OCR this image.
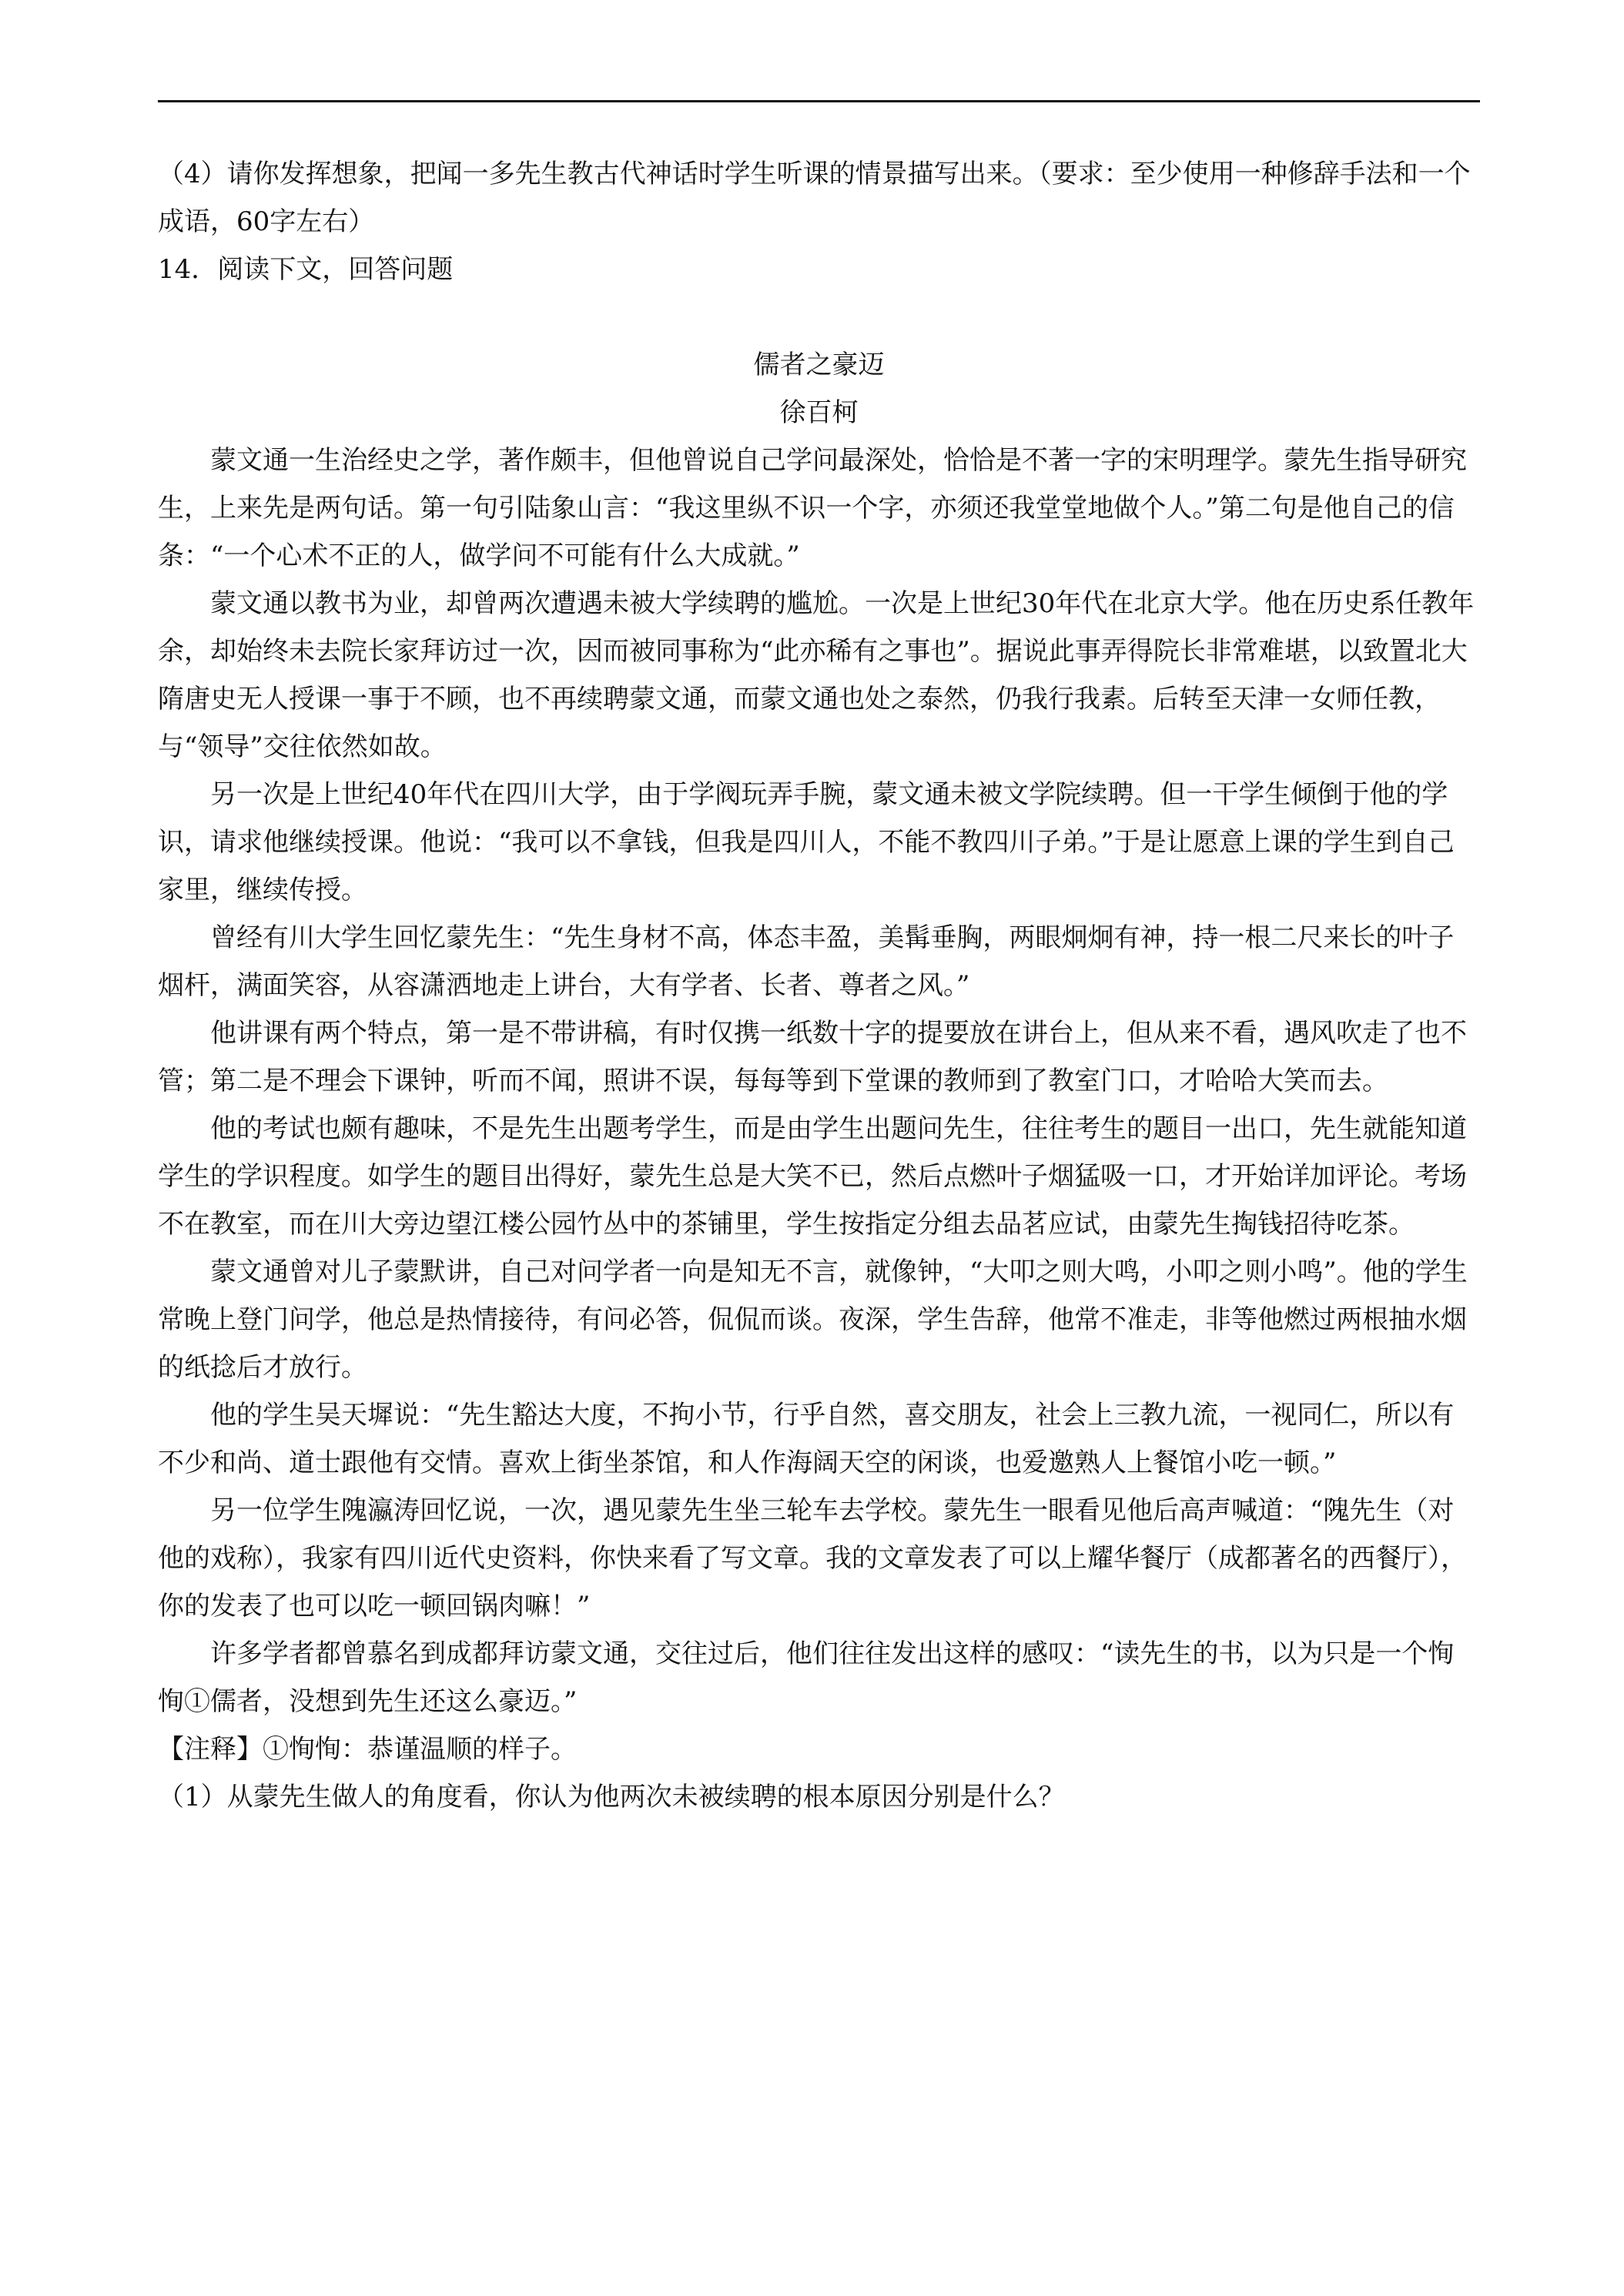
（4）请你发挥想象，把闻一多先生教古代神话时学生听课的情景描写出来。（要求：至少使用一种修辞手法和一个成语，60字左右）

14．阅读下文，回答问题

儒者之豪迈

徐百柯

蒙文通一生治经史之学，著作颇丰，但他曾说自己学问最深处，恰恰是不著一字的宋明理学。蒙先生指导研究生，上来先是两句话。第一句引陆象山言：“我这里纵不识一个字，亦须还我堂堂地做个人。”第二句是他自己的信条：“一个心术不正的人，做学问不可能有什么大成就。”

蒙文通以教书为业，却曾两次遭遇未被大学续聘的尴尬。一次是上世纪30年代在北京大学。他在历史系任教年余，却始终未去院长家拜访过一次，因而被同事称为“此亦稀有之事也”。据说此事弄得院长非常难堪，以致置北大隋唐史无人授课一事于不顾，也不再续聘蒙文通，而蒙文通也处之泰然，仍我行我素。后转至天津一女师任教，与“领导”交往依然如故。

另一次是上世纪40年代在四川大学，由于学阀玩弄手腕，蒙文通未被文学院续聘。但一干学生倾倒于他的学识，请求他继续授课。他说：“我可以不拿钱，但我是四川人，不能不教四川子弟。”于是让愿意上课的学生到自己家里，继续传授。

曾经有川大学生回忆蒙先生：“先生身材不高，体态丰盈，美髯垂胸，两眼炯炯有神，持一根二尺来长的叶子烟杆，满面笑容，从容潇洒地走上讲台，大有学者、长者、尊者之风。”

他讲课有两个特点，第一是不带讲稿，有时仅携一纸数十字的提要放在讲台上，但从来不看，遇风吹走了也不管；第二是不理会下课钟，听而不闻，照讲不误，每每等到下堂课的教师到了教室门口，才哈哈大笑而去。

他的考试也颇有趣味，不是先生出题考学生，而是由学生出题问先生，往往考生的题目一出口，先生就能知道学生的学识程度。如学生的题目出得好，蒙先生总是大笑不已，然后点燃叶子烟猛吸一口，才开始详加评论。考场不在教室，而在川大旁边望江楼公园竹丛中的茶铺里，学生按指定分组去品茗应试，由蒙先生掏钱招待吃茶。

蒙文通曾对儿子蒙默讲，自己对问学者一向是知无不言，就像钟，“大叩之则大鸣，小叩之则小鸣”。他的学生常晚上登门问学，他总是热情接待，有问必答，侃侃而谈。夜深，学生告辞，他常不准走，非等他燃过两根抽水烟的纸捻后才放行。

他的学生吴天墀说：“先生豁达大度，不拘小节，行乎自然，喜交朋友，社会上三教九流，一视同仁，所以有不少和尚、道士跟他有交情。喜欢上街坐茶馆，和人作海阔天空的闲谈，也爱邀熟人上餐馆小吃一顿。”

另一位学生隗瀛涛回忆说，一次，遇见蒙先生坐三轮车去学校。蒙先生一眼看见他后高声喊道：“隗先生（对他的戏称），我家有四川近代史资料，你快来看了写文章。我的文章发表了可以上耀华餐厅（成都著名的西餐厅），你的发表了也可以吃一顿回锅肉嘛！”

许多学者都曾慕名到成都拜访蒙文通，交往过后，他们往往发出这样的感叹：“读先生的书，以为只是一个恂恂①儒者，没想到先生还这么豪迈。”

【注释】①恂恂：恭谨温顺的样子。

（1）从蒙先生做人的角度看，你认为他两次未被续聘的根本原因分别是什么？
